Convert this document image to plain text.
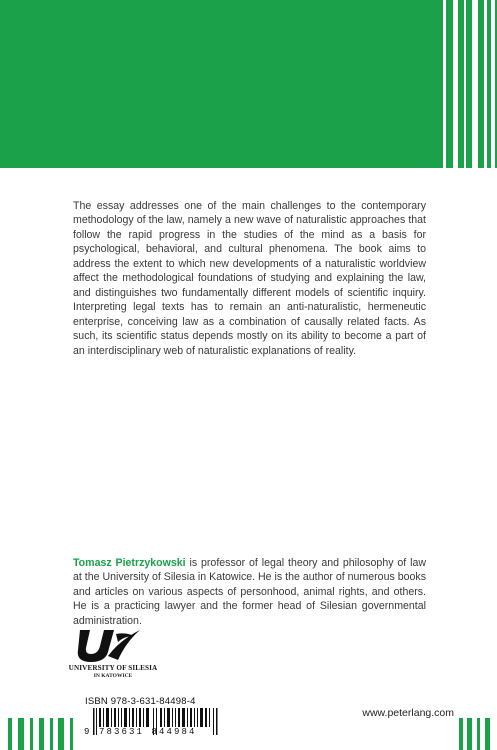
The essay addresses one of the main challenges to the contemporary methodology of the law, namely a new wave of naturalistic approaches that follow the rapid progress in the studies of the mind as a basis for psychological, behavioral, and cultural phenomena. The book aims to address the extent to which new developments of a naturalistic worldview affect the methodological foundations of studying and explaining the law, and distinguishes two fundamentally different models of scientific inquiry. Interpreting legal texts has to remain an anti-naturalistic, hermeneutic enterprise, conceiving law as a combination of causally related facts. As such, its scientific status depends mostly on its ability to become a part of an interdisciplinary web of naturalistic explanations of reality.

Tomasz Pietrzykowski is professor of legal theory and philosophy of law at the University of Silesia in Katowice. He is the author of numerous books and articles on various aspects of personhood, animal rights, and others. He is a practicing lawyer and the former head of Silesian governmental administration.

UNIVERSITY OF SILESIA
IN KATOWICE
ISBN 978-3-631-84498-4
9 783631 844984
www.peterlang.com
